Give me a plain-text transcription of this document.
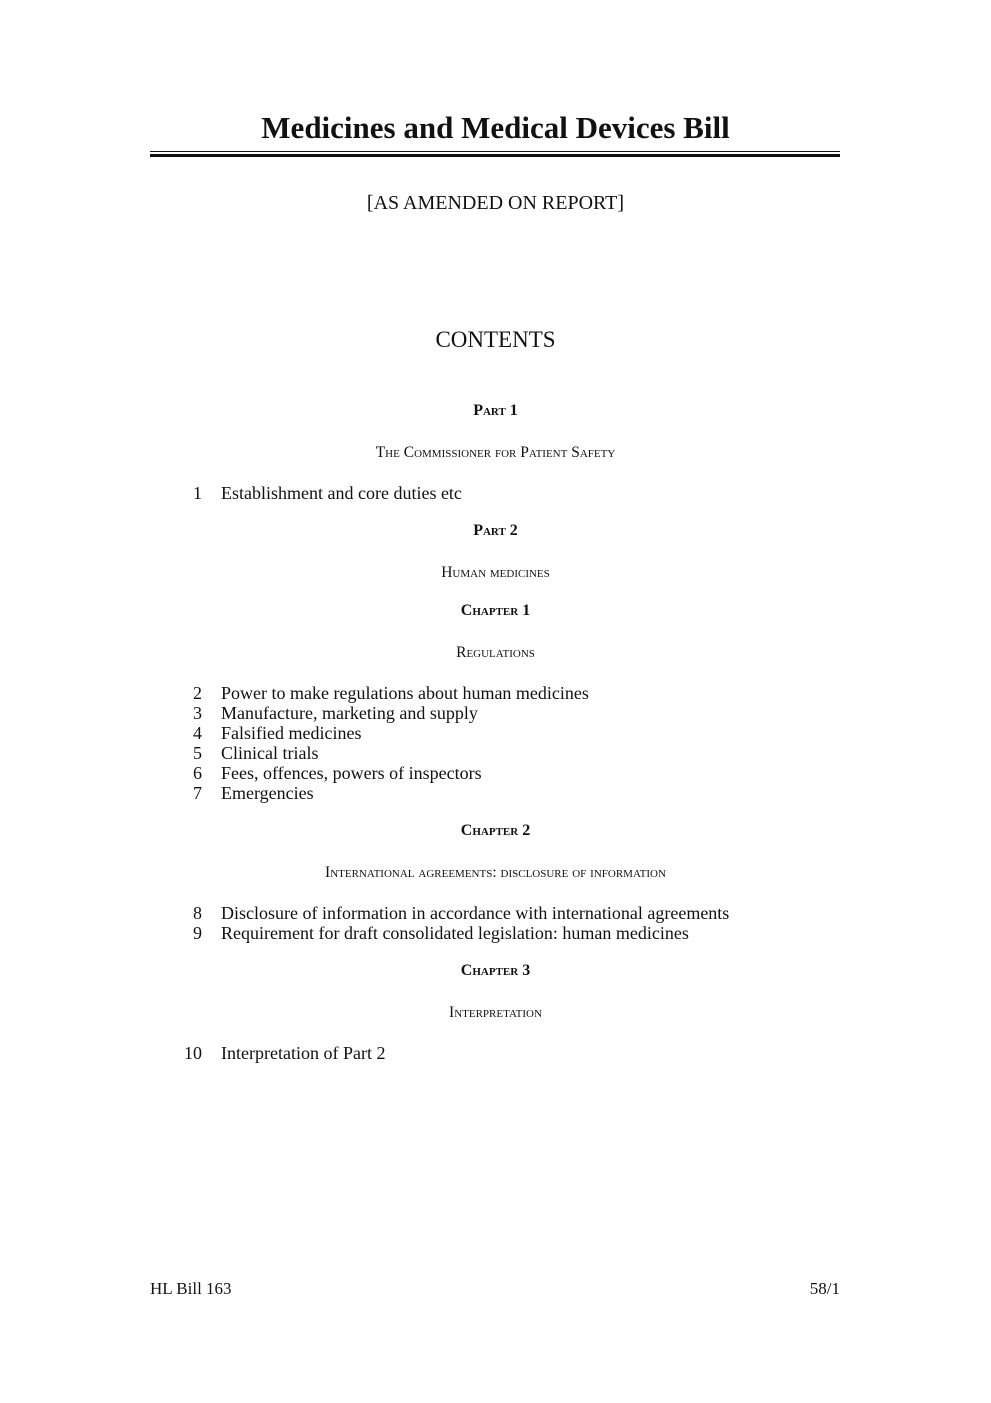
Medicines and Medical Devices Bill
[AS AMENDED ON REPORT]
CONTENTS
Part 1
The Commissioner for Patient Safety
1 Establishment and core duties etc
Part 2
Human medicines
Chapter 1
Regulations
2 Power to make regulations about human medicines
3 Manufacture, marketing and supply
4 Falsified medicines
5 Clinical trials
6 Fees, offences, powers of inspectors
7 Emergencies
Chapter 2
International agreements: disclosure of information
8 Disclosure of information in accordance with international agreements
9 Requirement for draft consolidated legislation: human medicines
Chapter 3
Interpretation
10 Interpretation of Part 2
HL Bill 163	58/1
